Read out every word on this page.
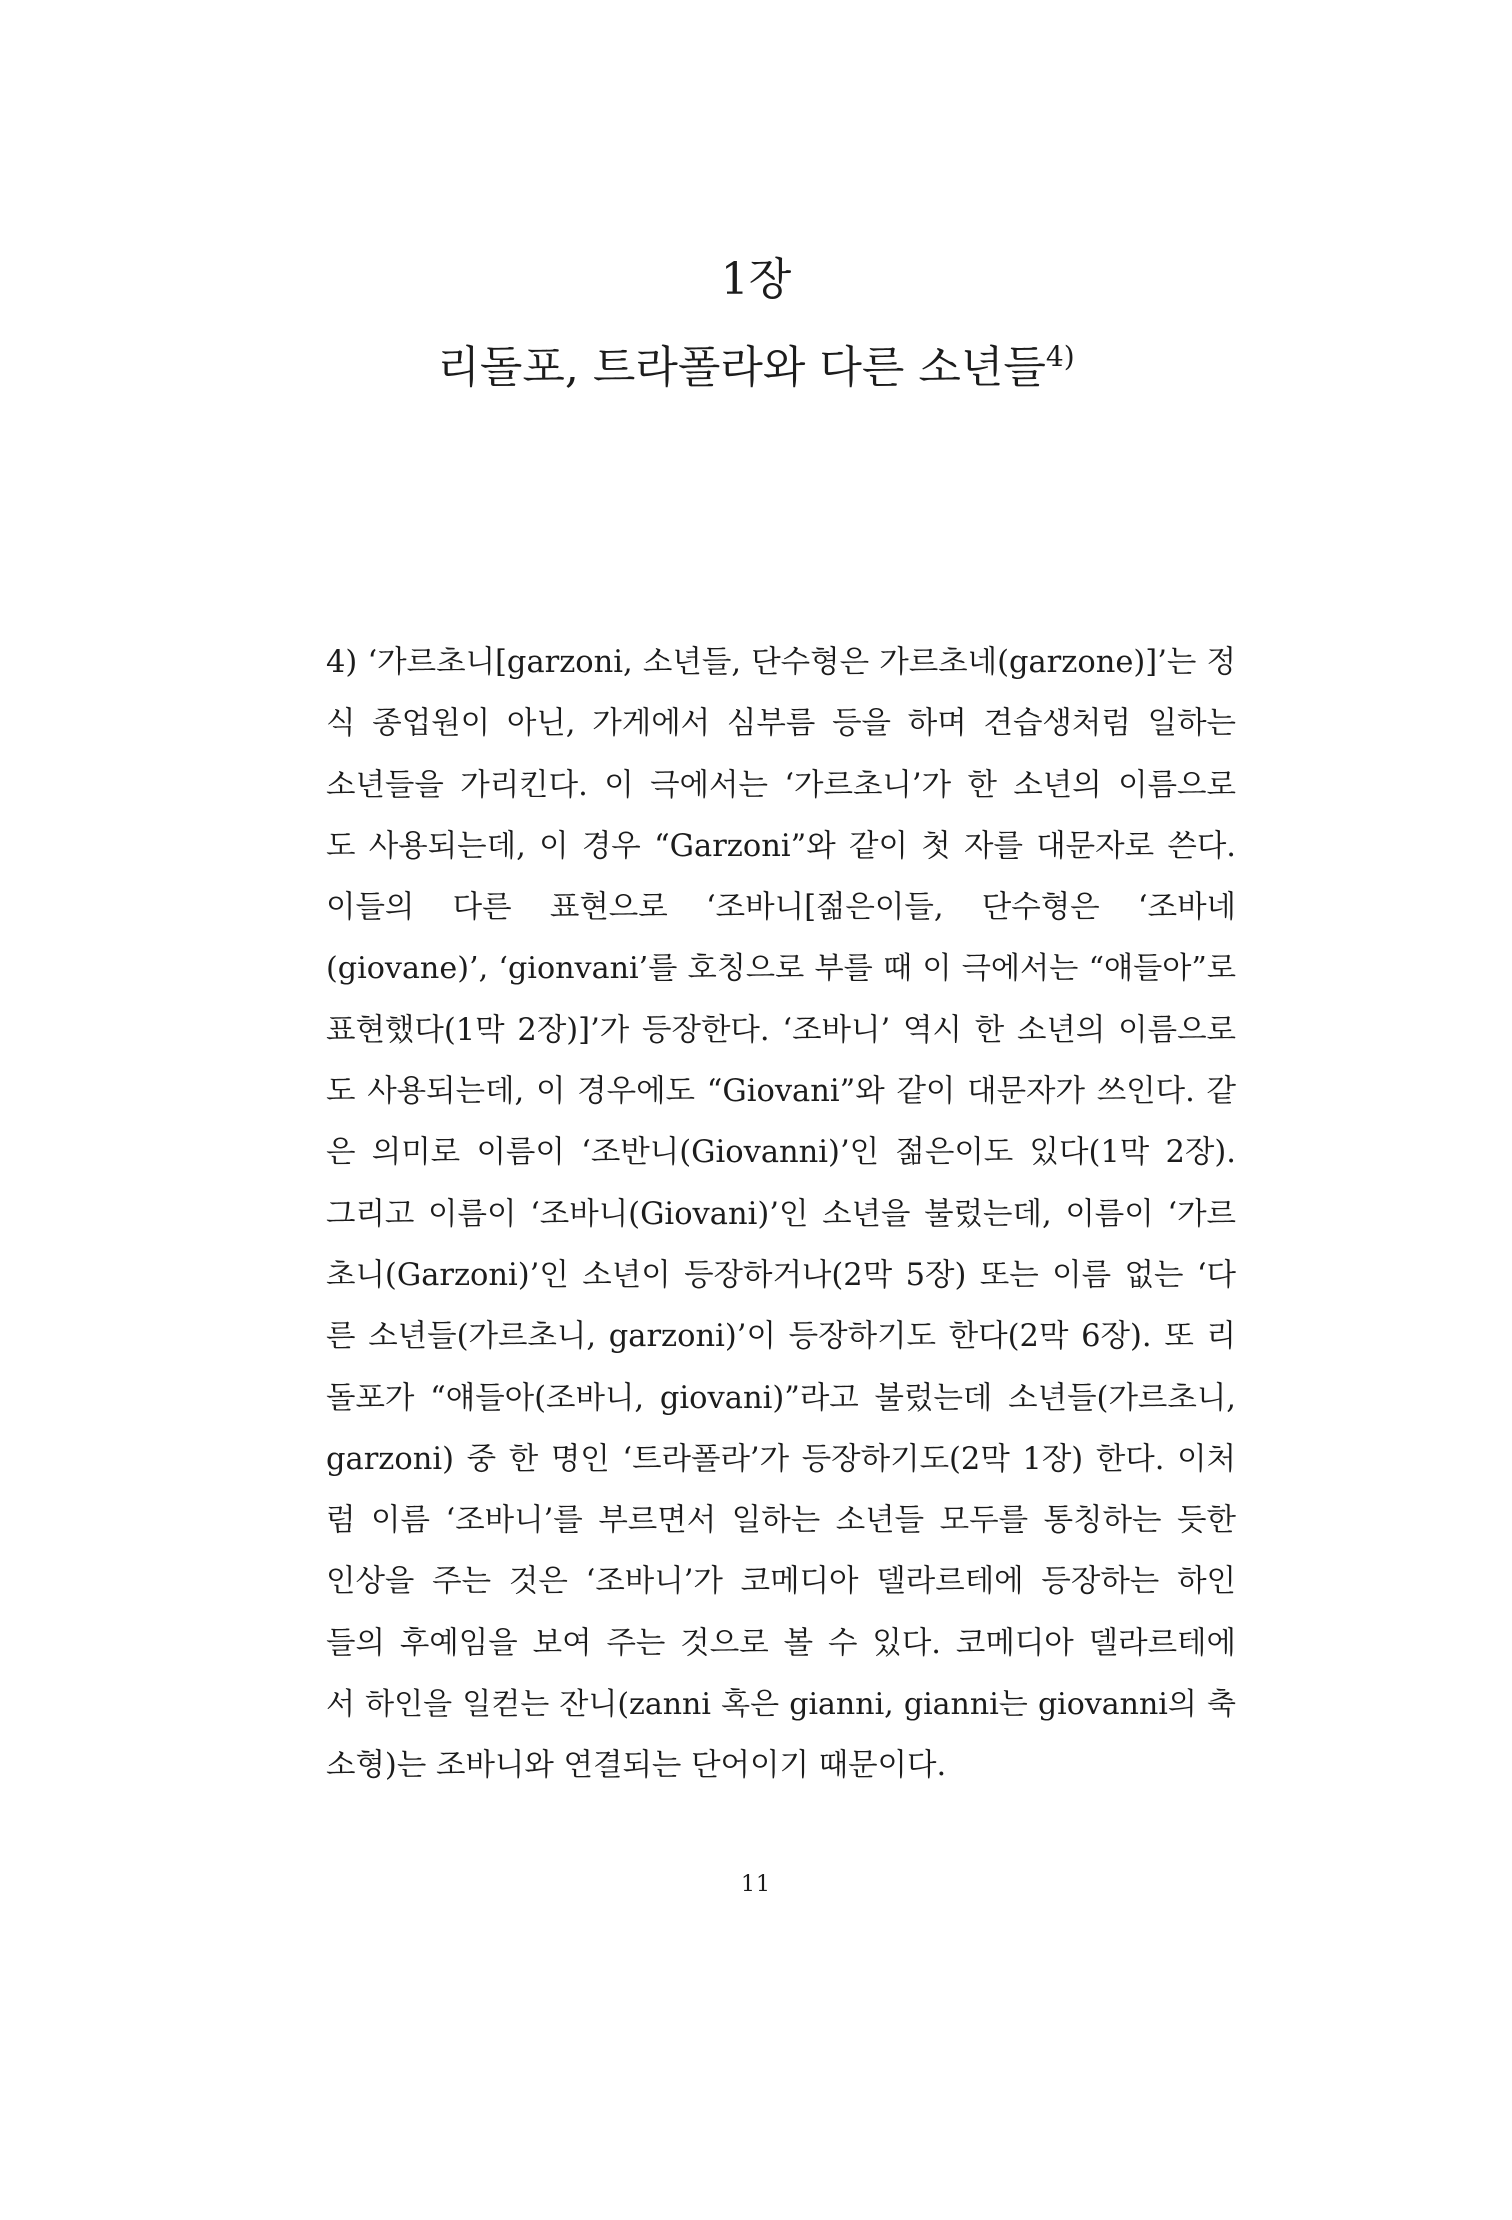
1장
리돌포, 트라폴라와 다른 소년들$^{4)}$
4) ‘가르초니[garzoni, 소년들, 단수형은 가르초네(garzone)]’는 정
식 종업원이 아닌, 가게에서 심부름 등을 하며 견습생처럼 일하는
소년들을 가리킨다. 이 극에서는 ‘가르초니’가 한 소년의 이름으로
도 사용되는데, 이 경우 “Garzoni”와 같이 첫 자를 대문자로 쓴다.
이들의 다른 표현으로 ‘조바니[젊은이들, 단수형은 ‘조바네
(giovane)’, ‘gionvani’를 호칭으로 부를 때 이 극에서는 “얘들아”로
표현했다(1막 2장)]’가 등장한다. ‘조바니’ 역시 한 소년의 이름으로
도 사용되는데, 이 경우에도 “Giovani”와 같이 대문자가 쓰인다. 같
은 의미로 이름이 ‘조반니(Giovanni)’인 젊은이도 있다(1막 2장).
그리고 이름이 ‘조바니(Giovani)’인 소년을 불렀는데, 이름이 ‘가르
초니(Garzoni)’인 소년이 등장하거나(2막 5장) 또는 이름 없는 ‘다
른 소년들(가르초니, garzoni)’이 등장하기도 한다(2막 6장). 또 리
돌포가 “얘들아(조바니, giovani)”라고 불렀는데 소년들(가르초니,
garzoni) 중 한 명인 ‘트라폴라’가 등장하기도(2막 1장) 한다. 이처
럼 이름 ‘조바니’를 부르면서 일하는 소년들 모두를 통칭하는 듯한
인상을 주는 것은 ‘조바니’가 코메디아 델라르테에 등장하는 하인
들의 후예임을 보여 주는 것으로 볼 수 있다. 코메디아 델라르테에
서 하인을 일컫는 잔니(zanni 혹은 gianni, gianni는 giovanni의 축
소형)는 조바니와 연결되는 단어이기 때문이다.
11
